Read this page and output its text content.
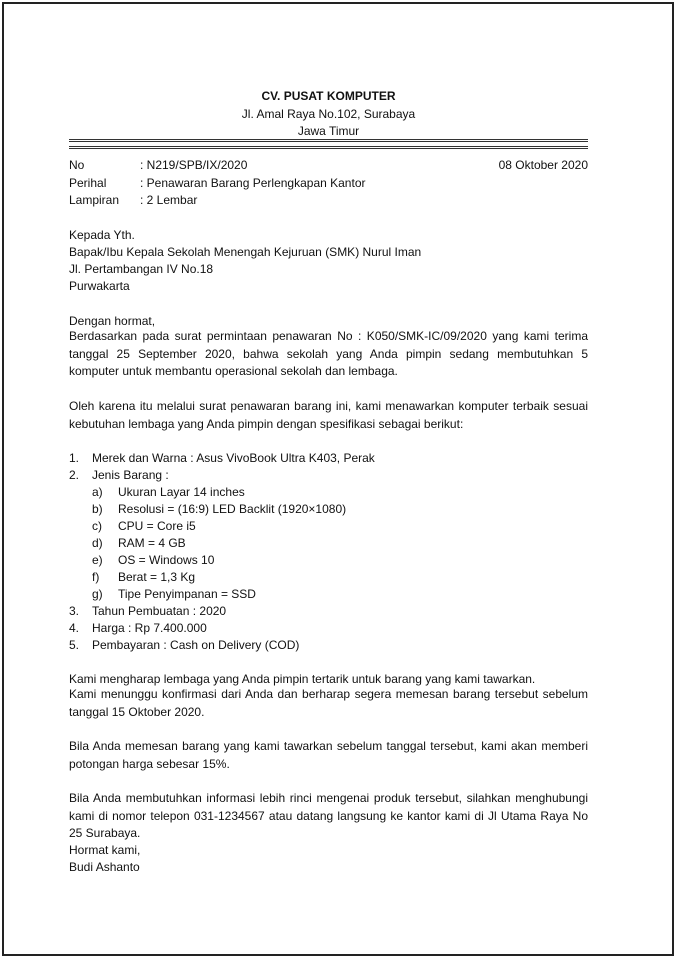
CV. PUSAT KOMPUTER
Jl. Amal Raya No.102, Surabaya
Jawa Timur
No	: N219/SPB/IX/2020	08 Oktober 2020
Perihal	: Penawaran Barang Perlengkapan Kantor
Lampiran : 2 Lembar
Kepada Yth.
Bapak/Ibu Kepala Sekolah Menengah Kejuruan (SMK) Nurul Iman
Jl. Pertambangan IV No.18
Purwakarta
Dengan hormat,
Berdasarkan pada surat permintaan penawaran No : K050/SMK-IC/09/2020 yang kami terima tanggal 25 September 2020, bahwa sekolah yang Anda pimpin sedang membutuhkan 5 komputer untuk membantu operasional sekolah dan lembaga.
Oleh karena itu melalui surat penawaran barang ini, kami menawarkan komputer terbaik sesuai kebutuhan lembaga yang Anda pimpin dengan spesifikasi sebagai berikut:
1. Merek dan Warna : Asus VivoBook Ultra K403, Perak
2. Jenis Barang :
a) Ukuran Layar 14 inches
b) Resolusi = (16:9) LED Backlit (1920×1080)
c) CPU = Core i5
d) RAM = 4 GB
e) OS = Windows 10
f) Berat = 1,3 Kg
g) Tipe Penyimpanan = SSD
3. Tahun Pembuatan : 2020
4. Harga : Rp 7.400.000
5. Pembayaran : Cash on Delivery (COD)
Kami mengharap lembaga yang Anda pimpin tertarik untuk barang yang kami tawarkan.
Kami menunggu konfirmasi dari Anda dan berharap segera memesan barang tersebut sebelum tanggal 15 Oktober 2020.
Bila Anda memesan barang yang kami tawarkan sebelum tanggal tersebut, kami akan memberi potongan harga sebesar 15%.
Bila Anda membutuhkan informasi lebih rinci mengenai produk tersebut, silahkan menghubungi kami di nomor telepon 031-1234567 atau datang langsung ke kantor kami di Jl Utama Raya No 25 Surabaya.
Hormat kami,
Budi Ashanto
